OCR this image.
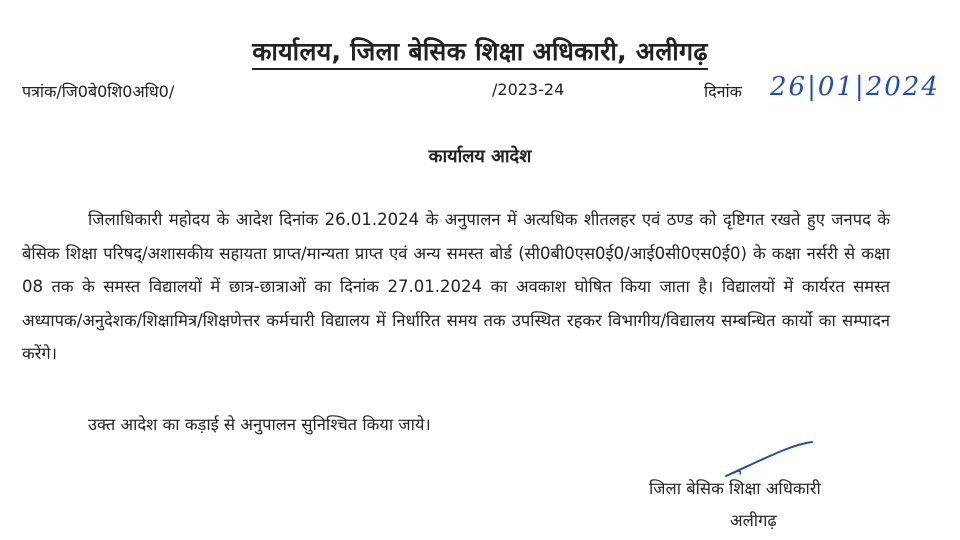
कार्यालय, जिला बेसिक शिक्षा अधिकारी, अलीगढ़
पत्रांक/जि0बे0शि0अधि0/	/2023-24	दिनांक 26|01|2024
कार्यालय आदेश

जिलाधिकारी महोदय के आदेश दिनांक 26.01.2024 के अनुपालन में अत्यधिक शीतलहर एवं ठण्ड को दृष्टिगत रखते हुए जनपद के बेसिक शिक्षा परिषद्/अशासकीय सहायता प्राप्त/मान्यता प्राप्त एवं अन्य समस्त बोर्ड (सी0बी0एस0ई0/आई0सी0एस0ई0) के कक्षा नर्सरी से कक्षा 08 तक के समस्त विद्यालयों में छात्र-छात्राओं का दिनांक 27.01.2024 का अवकाश घोषित किया जाता है। विद्यालयों में कार्यरत समस्त अध्यापक/अनुदेशक/शिक्षामित्र/शिक्षणेत्तर कर्मचारी विद्यालय में निर्धारित समय तक उपस्थित रहकर विभागीय/विद्यालय सम्बन्धित कार्यो का सम्पादन करेंगे।

उक्त आदेश का कड़ाई से अनुपालन सुनिश्चित किया जाये।

जिला बेसिक शिक्षा अधिकारी
अलीगढ़
